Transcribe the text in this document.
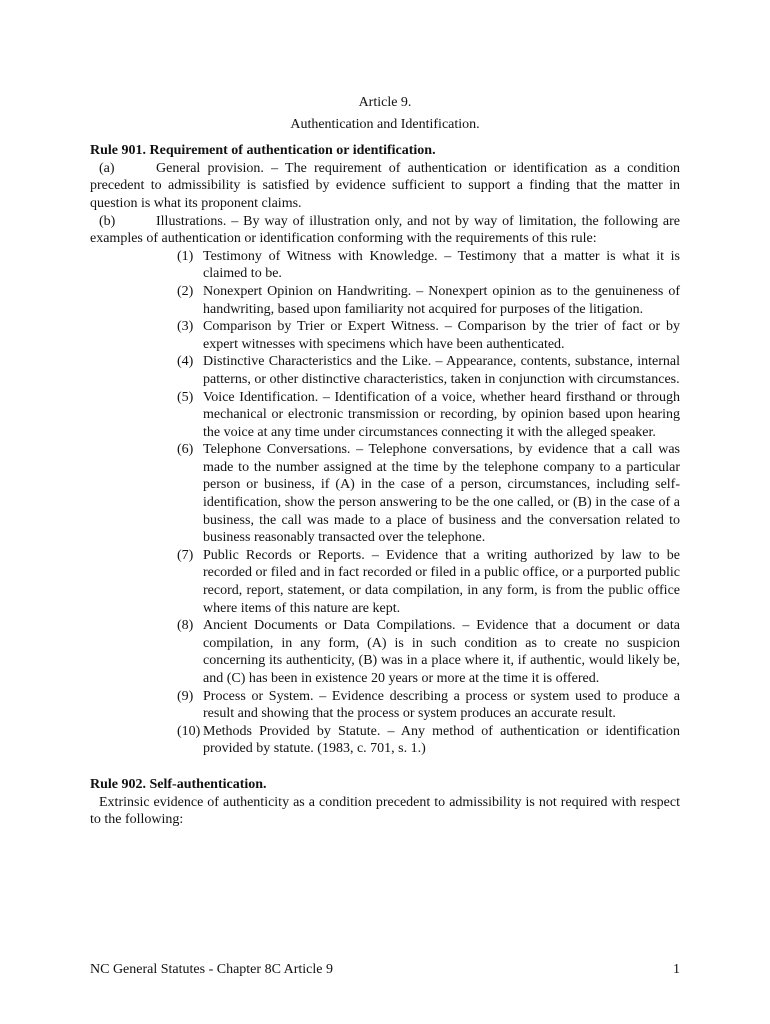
Article 9.
Authentication and Identification.
Rule 901. Requirement of authentication or identification.
(a)	General provision. – The requirement of authentication or identification as a condition precedent to admissibility is satisfied by evidence sufficient to support a finding that the matter in question is what its proponent claims.
(b)	Illustrations. – By way of illustration only, and not by way of limitation, the following are examples of authentication or identification conforming with the requirements of this rule:
(1) Testimony of Witness with Knowledge. – Testimony that a matter is what it is claimed to be.
(2) Nonexpert Opinion on Handwriting. – Nonexpert opinion as to the genuineness of handwriting, based upon familiarity not acquired for purposes of the litigation.
(3) Comparison by Trier or Expert Witness. – Comparison by the trier of fact or by expert witnesses with specimens which have been authenticated.
(4) Distinctive Characteristics and the Like. – Appearance, contents, substance, internal patterns, or other distinctive characteristics, taken in conjunction with circumstances.
(5) Voice Identification. – Identification of a voice, whether heard firsthand or through mechanical or electronic transmission or recording, by opinion based upon hearing the voice at any time under circumstances connecting it with the alleged speaker.
(6) Telephone Conversations. – Telephone conversations, by evidence that a call was made to the number assigned at the time by the telephone company to a particular person or business, if (A) in the case of a person, circumstances, including self-identification, show the person answering to be the one called, or (B) in the case of a business, the call was made to a place of business and the conversation related to business reasonably transacted over the telephone.
(7) Public Records or Reports. – Evidence that a writing authorized by law to be recorded or filed and in fact recorded or filed in a public office, or a purported public record, report, statement, or data compilation, in any form, is from the public office where items of this nature are kept.
(8) Ancient Documents or Data Compilations. – Evidence that a document or data compilation, in any form, (A) is in such condition as to create no suspicion concerning its authenticity, (B) was in a place where it, if authentic, would likely be, and (C) has been in existence 20 years or more at the time it is offered.
(9) Process or System. – Evidence describing a process or system used to produce a result and showing that the process or system produces an accurate result.
(10) Methods Provided by Statute. – Any method of authentication or identification provided by statute. (1983, c. 701, s. 1.)
Rule 902. Self-authentication.
Extrinsic evidence of authenticity as a condition precedent to admissibility is not required with respect to the following:
NC General Statutes - Chapter 8C Article 9	1
